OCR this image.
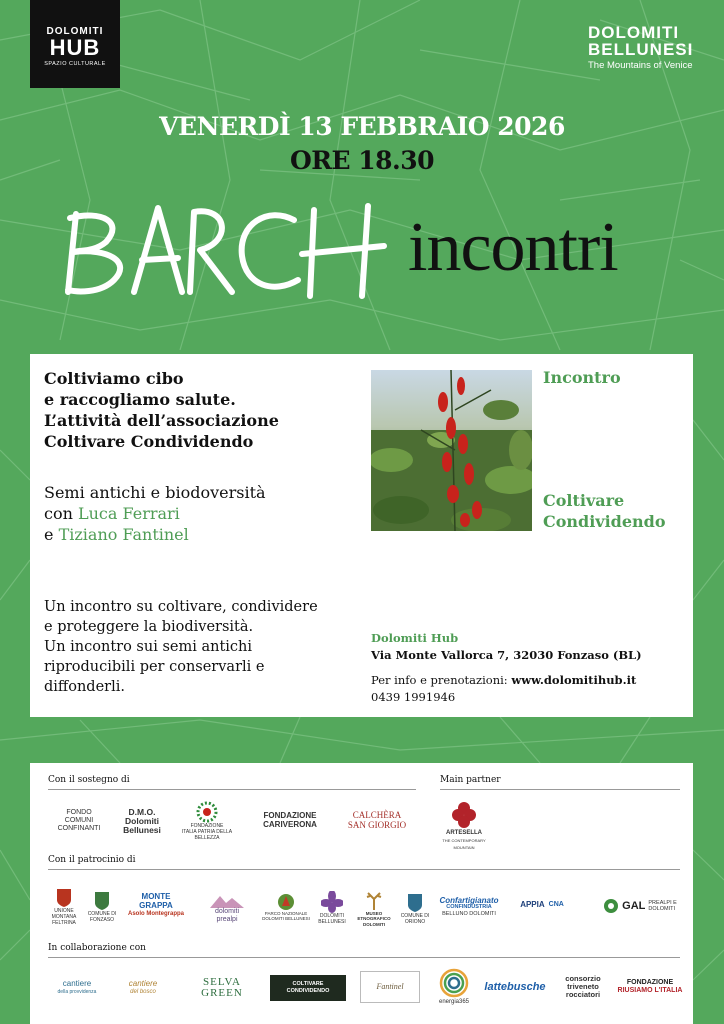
DOLOMITI
HUB
SPAZIO CULTURALE
DOLOMITI
BELLUNESI
The Mountains of Venice
VENERDÌ 13 FEBBRAIO 2026
ORE 18.30
incontri
Coltiviamo cibo
e raccogliamo salute.
L’attività dell’associazione
Coltivare Condividendo
Semi antichi e biodoversità
con Luca Ferrari
e Tiziano Fantinel
Un incontro su coltivare, condividere
e proteggere la biodiversità.
Un incontro sui semi antichi
riproducibili per conservarli e
diffonderli.
Incontro
Coltivare
Condividendo
Dolomiti Hub
Via Monte Vallorca 7, 32030 Fonzaso (BL)
Per info e prenotazioni: www.dolomitihub.it
0439 1991946
Con il sostegno di	Main partner
FONDO
COMUNI
CONFINANTI
D.M.O.
Dolomiti
Bellunesi	FONDAZIONE
ITALIA PATRIA DELLA BELLEZZA
FONDAZIONE
CARIVERONA
CALCHÈRA
SAN GIORGIO
ARTESELLA
THE CONTEMPORARY MOUNTAIN
Con il patrocinio di
UNIONE
MONTANA
FELTRINA
COMUNE DI
FONZASO
MONTE
GRAPPA
Asolo Montegrappa	dolomiti
prealpi
PARCO NAZIONALE
DOLOMITI BELLUNESI DOLOMITI
BELLUNESI
MUSEO
ETNOGRAFICO
DOLOMITI
COMUNE DI
ORIONO
Confartigianato
CONFINDUSTRIA
BELLUNO DOLOMITI
APPIA CNA	GAL PREALPI E
DOLOMITI
In collaborazione con
cantiere
della provvidenza
cantiere
del bosco
SELVA
GREEN
COLTIVARE
CONDIVIDENDO	Fantinel
energia365
lattebusche
consorzio
triveneto rocciatori
FONDAZIONE
RIUSIAMO L'ITALIA
